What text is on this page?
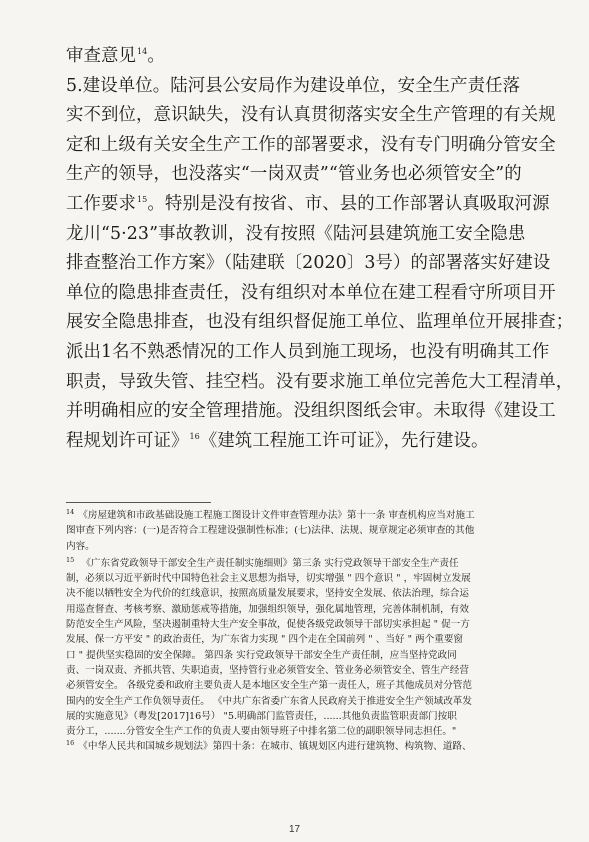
审查意见$^{14}$。
5.建设单位。陆河县公安局作为建设单位，安全生产责任落
实不到位，意识缺失，没有认真贯彻落实安全生产管理的有关规
定和上级有关安全生产工作的部署要求，没有专门明确分管安全
生产的领导，也没落实“一岗双责”“管业务也必须管安全”的
工作要求$^{15}$。特别是没有按省、市、县的工作部署认真吸取河源
龙川“5·23”事故教训，没有按照《陆河县建筑施工安全隐患
排查整治工作方案》（陆建联〔2020〕3号）的部署落实好建设
单位的隐患排查责任，没有组织对本单位在建工程看守所项目开
展安全隐患排查，也没有组织督促施工单位、监理单位开展排查；
派出1名不熟悉情况的工作人员到施工现场，也没有明确其工作
职责，导致失管、挂空档。没有要求施工单位完善危大工程清单，
并明确相应的安全管理措施。没组织图纸会审。未取得《建设工
程规划许可证》$^{16}$《建筑工程施工许可证》，先行建设。
$^{14}$ 《房屋建筑和市政基础设施工程施工图设计文件审查管理办法》第十一条 审查机构应当对施工
图审查下列内容：(一)是否符合工程建设强制性标准；(七)法律、法规、规章规定必须审查的其他
内容。
$^{15}$ 《广东省党政领导干部安全生产责任制实施细则》第三条 实行党政领导干部安全生产责任
制，必须以习近平新时代中国特色社会主义思想为指导，切实增强 " 四个意识 " ，牢固树立发展
决不能以牺牲安全为代价的红线意识，按照高质量发展要求，坚持安全发展、依法治理，综合运
用巡查督查、考核考察、激励惩戒等措施，加强组织领导，强化属地管理，完善体制机制，有效
防范安全生产风险，坚决遏制重特大生产安全事故，促使各级党政领导干部切实承担起 " 促一方
发展、保一方平安 " 的政治责任，为广东省力实现 " 四个走在全国前列 " 、当好 " 两个重要窗
口 " 提供坚实稳固的安全保障。 第四条 实行党政领导干部安全生产责任制，应当坚持党政同
责、一岗双责、齐抓共管、失职追责，坚持管行业必须管安全、管业务必须管安全、管生产经营
必须管安全。 各级党委和政府主要负责人是本地区安全生产第一责任人，班子其他成员对分管范
围内的安全生产工作负领导责任。 《中共广东省委广东省人民政府关于推进安全生产领域改革发
展的实施意见》（粤发[2017]16号） "5.明确部门监管责任，......其他负责监管职责部门按职
责分工，.......分管安全生产工作的负责人要由领导班子中排名第二位的副职领导同志担任。"
$^{16}$ 《中华人民共和国城乡规划法》第四十条：在城市、镇规划区内进行建筑物、构筑物、道路、
17
